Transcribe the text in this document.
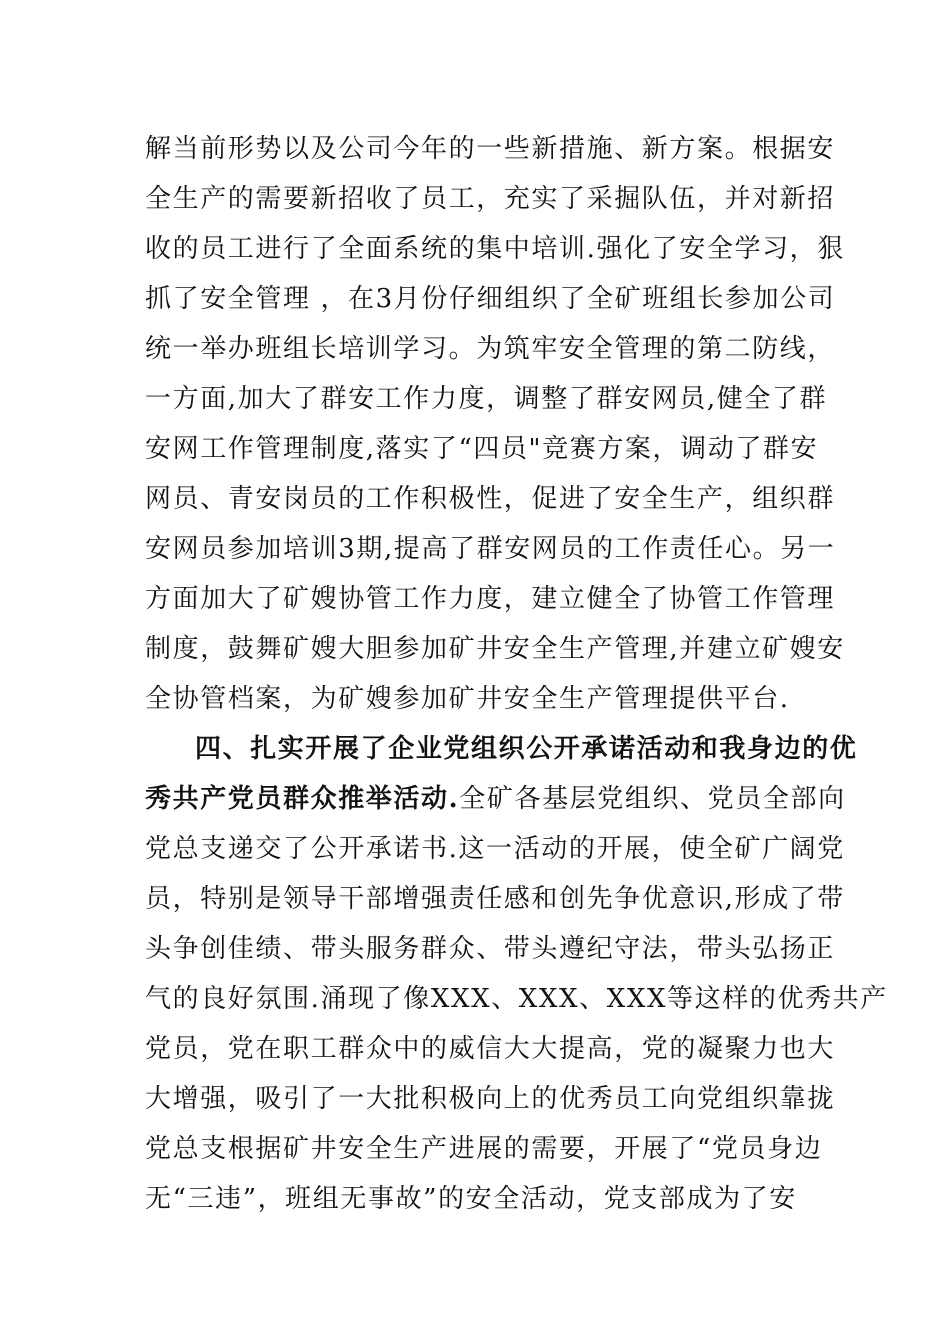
解当前形势以及公司今年的一些新措施、新方案。根据安
全生产的需要新招收了员工，充实了采掘队伍，并对新招
收的员工进行了全面系统的集中培训.强化了安全学习，狠
抓了安全管理 ，在3月份仔细组织了全矿班组长参加公司
统一举办班组长培训学习。为筑牢安全管理的第二防线，
一方面,加大了群安工作力度，调整了群安网员,健全了群
安网工作管理制度,落实了“四员"竞赛方案，调动了群安
网员、青安岗员的工作积极性，促进了安全生产，组织群
安网员参加培训3期,提高了群安网员的工作责任心。另一
方面加大了矿嫂协管工作力度，建立健全了协管工作管理
制度，鼓舞矿嫂大胆参加矿井安全生产管理,并建立矿嫂安
全协管档案，为矿嫂参加矿井安全生产管理提供平台.
四、扎实开展了企业党组织公开承诺活动和我身边的优
秀共产党员群众推举活动.全矿各基层党组织、党员全部向
党总支递交了公开承诺书.这一活动的开展，使全矿广阔党
员，特别是领导干部增强责任感和创先争优意识,形成了带
头争创佳绩、带头服务群众、带头遵纪守法，带头弘扬正
气的良好氛围.涌现了像XXX、XXX、XXX等这样的优秀共产
党员，党在职工群众中的威信大大提高，党的凝聚力也大
大增强，吸引了一大批积极向上的优秀员工向党组织靠拢
党总支根据矿井安全生产进展的需要，开展了“党员身边
无“三违”，班组无事故”的安全活动，党支部成为了安
